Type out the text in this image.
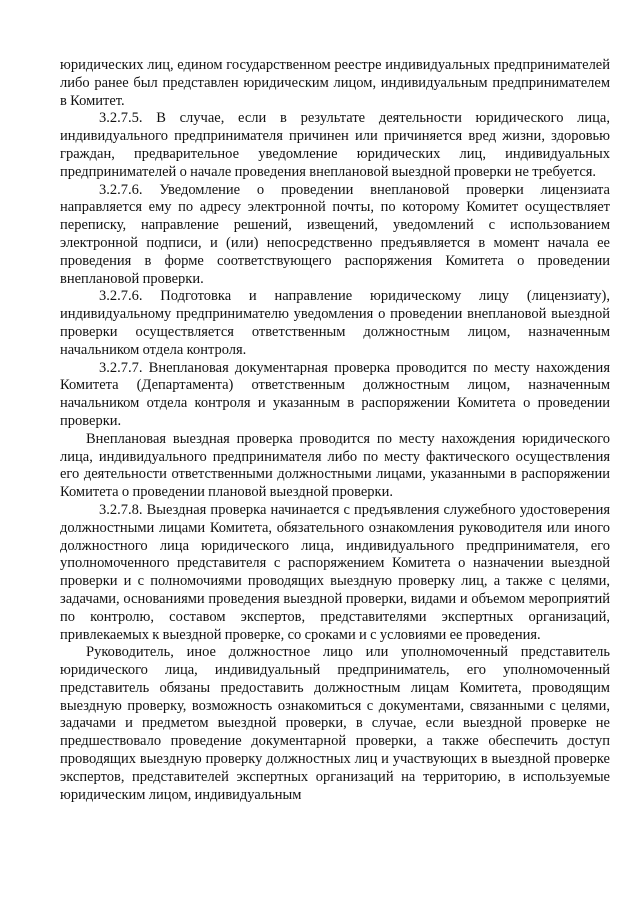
юридических лиц, едином государственном реестре индивидуальных предпринимателей либо ранее был представлен юридическим лицом, индивидуальным предпринимателем в Комитет.

3.2.7.5. В случае, если в результате деятельности юридического лица, индивидуального предпринимателя причинен или причиняется вред жизни, здоровью граждан, предварительное уведомление юридических лиц, индивидуальных предпринимателей о начале проведения внеплановой выездной проверки не требуется.

3.2.7.6. Уведомление о проведении внеплановой проверки лицензиата направляется ему по адресу электронной почты, по которому Комитет осуществляет переписку, направление решений, извещений, уведомлений с использованием электронной подписи, и (или) непосредственно предъявляется в момент начала ее проведения в форме соответствующего распоряжения Комитета о проведении внеплановой проверки.

3.2.7.6. Подготовка и направление юридическому лицу (лицензиату), индивидуальному предпринимателю уведомления о проведении внеплановой выездной проверки осуществляется ответственным должностным лицом, назначенным начальником отдела контроля.

3.2.7.7. Внеплановая документарная проверка проводится по месту нахождения Комитета (Департамента) ответственным должностным лицом, назначенным начальником отдела контроля и указанным в распоряжении Комитета о проведении проверки.

Внеплановая выездная проверка проводится по месту нахождения юридического лица, индивидуального предпринимателя либо по месту фактического осуществления его деятельности ответственными должностными лицами, указанными в распоряжении Комитета о проведении плановой выездной проверки.

3.2.7.8. Выездная проверка начинается с предъявления служебного удостоверения должностными лицами Комитета, обязательного ознакомления руководителя или иного должностного лица юридического лица, индивидуального предпринимателя, его уполномоченного представителя с распоряжением Комитета о назначении выездной проверки и с полномочиями проводящих выездную проверку лиц, а также с целями, задачами, основаниями проведения выездной проверки, видами и объемом мероприятий по контролю, составом экспертов, представителями экспертных организаций, привлекаемых к выездной проверке, со сроками и с условиями ее проведения.

Руководитель, иное должностное лицо или уполномоченный представитель юридического лица, индивидуальный предприниматель, его уполномоченный представитель обязаны предоставить должностным лицам Комитета, проводящим выездную проверку, возможность ознакомиться с документами, связанными с целями, задачами и предметом выездной проверки, в случае, если выездной проверке не предшествовало проведение документарной проверки, а также обеспечить доступ проводящих выездную проверку должностных лиц и участвующих в выездной проверке экспертов, представителей экспертных организаций на территорию, в используемые юридическим лицом, индивидуальным
